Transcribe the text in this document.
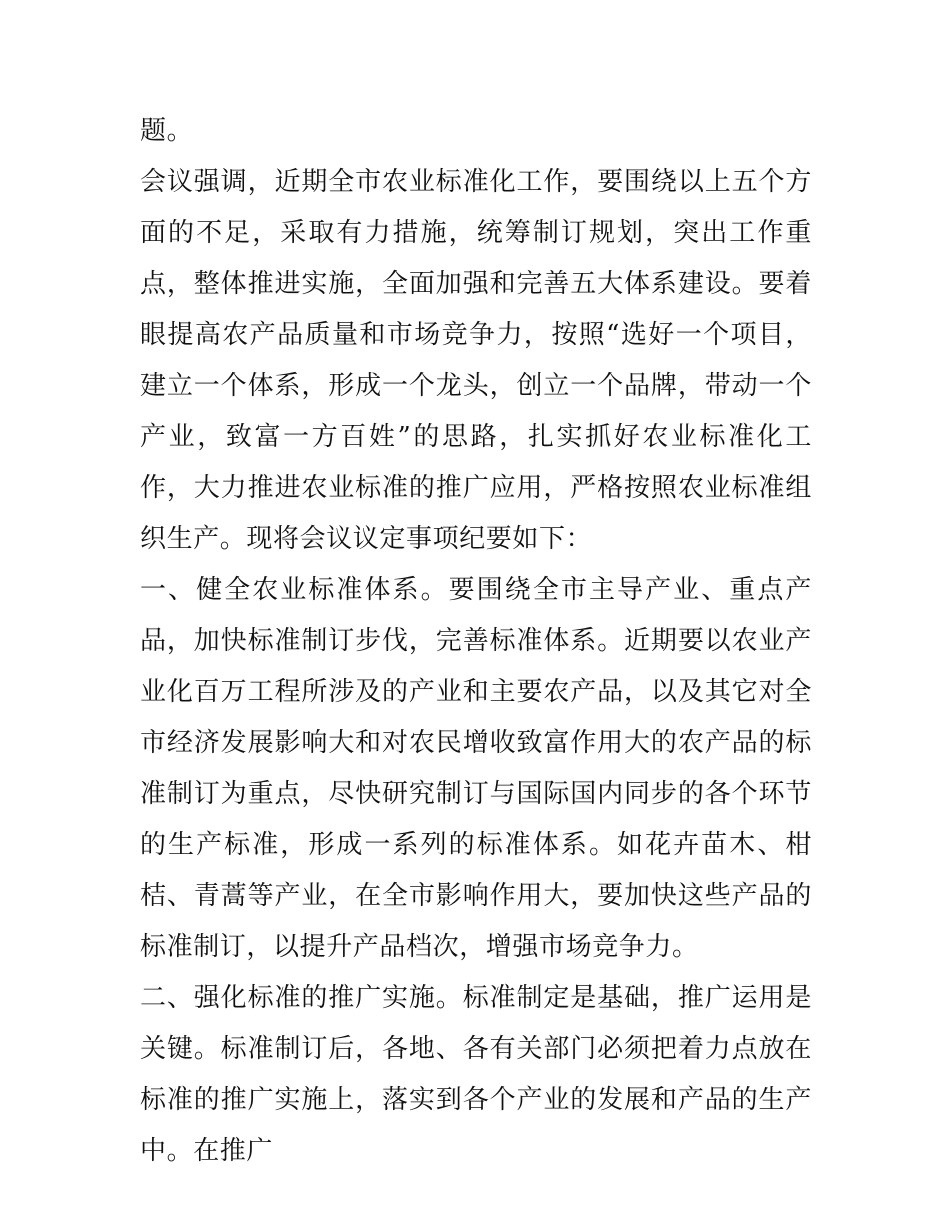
题。

会议强调，近期全市农业标准化工作，要围绕以上五个方面的不足，采取有力措施，统筹制订规划，突出工作重点，整体推进实施，全面加强和完善五大体系建设。要着眼提高农产品质量和市场竞争力，按照“选好一个项目，建立一个体系，形成一个龙头，创立一个品牌，带动一个产业，致富一方百姓”的思路，扎实抓好农业标准化工作，大力推进农业标准的推广应用，严格按照农业标准组织生产。现将会议议定事项纪要如下：

一、健全农业标准体系。要围绕全市主导产业、重点产品，加快标准制订步伐，完善标准体系。近期要以农业产业化百万工程所涉及的产业和主要农产品，以及其它对全市经济发展影响大和对农民增收致富作用大的农产品的标准制订为重点，尽快研究制订与国际国内同步的各个环节的生产标准，形成一系列的标准体系。如花卉苗木、柑桔、青蒿等产业，在全市影响作用大，要加快这些产品的标准制订，以提升产品档次，增强市场竞争力。

二、强化标准的推广实施。标准制定是基础，推广运用是关键。标准制订后，各地、各有关部门必须把着力点放在标准的推广实施上，落实到各个产业的发展和产品的生产中。在推广
